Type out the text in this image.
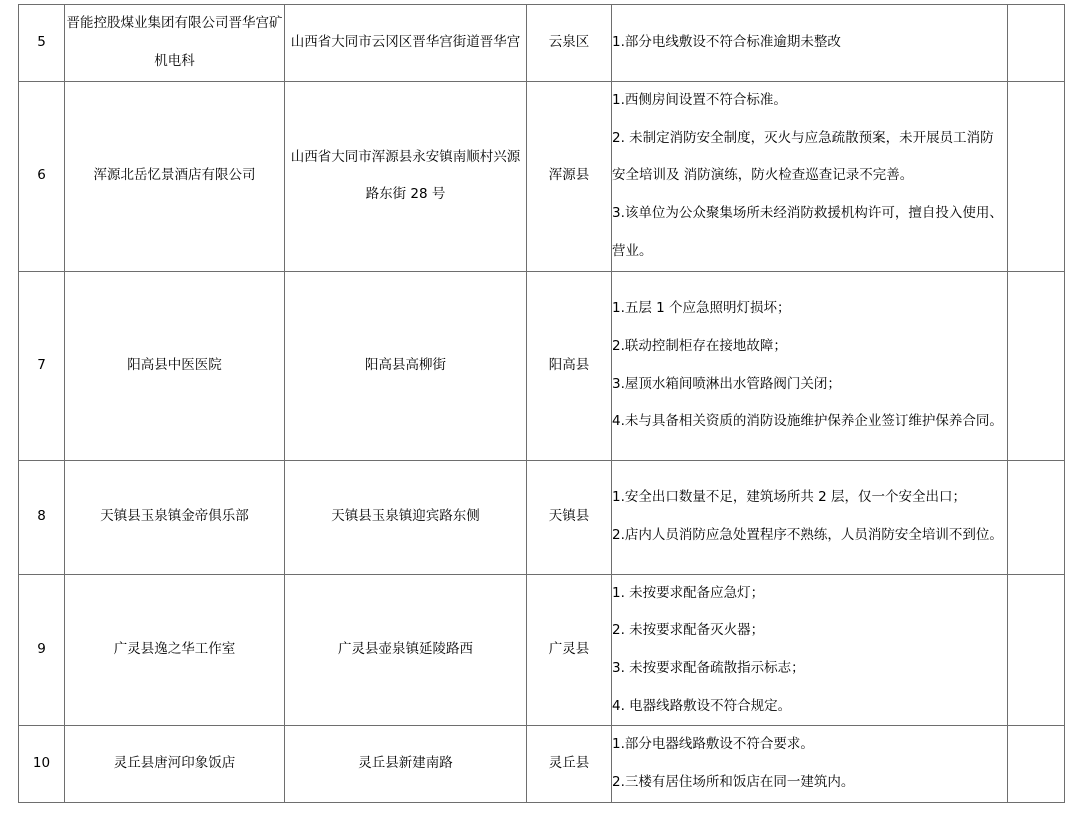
5	晋能控股煤业集团有限公司晋华宫矿机电科	山西省大同市云冈区晋华宫街道晋华宫	云泉区	1.部分电线敷设不符合标准逾期未整改	

6	浑源北岳忆景酒店有限公司	山西省大同市浑源县永安镇南顺村兴源路东街 28 号	浑源县	1.西侧房间设置不符合标准。
2. 未制定消防安全制度，灭火与应急疏散预案，未开展员工消防安全培训及 消防演练，防火检查巡查记录不完善。
3.该单位为公众聚集场所未经消防救援机构许可，擅自投入使用、 营业。	

7	阳高县中医医院	阳高县高柳街	阳高县	1.五层 1 个应急照明灯损坏；
2.联动控制柜存在接地故障；
3.屋顶水箱间喷淋出水管路阀门关闭；
4.未与具备相关资质的消防设施维护保养企业签订维护保养合同。	

8	天镇县玉泉镇金帝俱乐部	天镇县玉泉镇迎宾路东侧	天镇县	1.安全出口数量不足，建筑场所共 2 层，仅一个安全出口；
2.店内人员消防应急处置程序不熟练，人员消防安全培训不到位。	

9	广灵县逸之华工作室	广灵县壶泉镇延陵路西	广灵县	1. 未按要求配备应急灯；
2. 未按要求配备灭火器；
3. 未按要求配备疏散指示标志；
4. 电器线路敷设不符合规定。	

10	灵丘县唐河印象饭店	灵丘县新建南路	灵丘县	1.部分电器线路敷设不符合要求。
2.三楼有居住场所和饭店在同一建筑内。	
